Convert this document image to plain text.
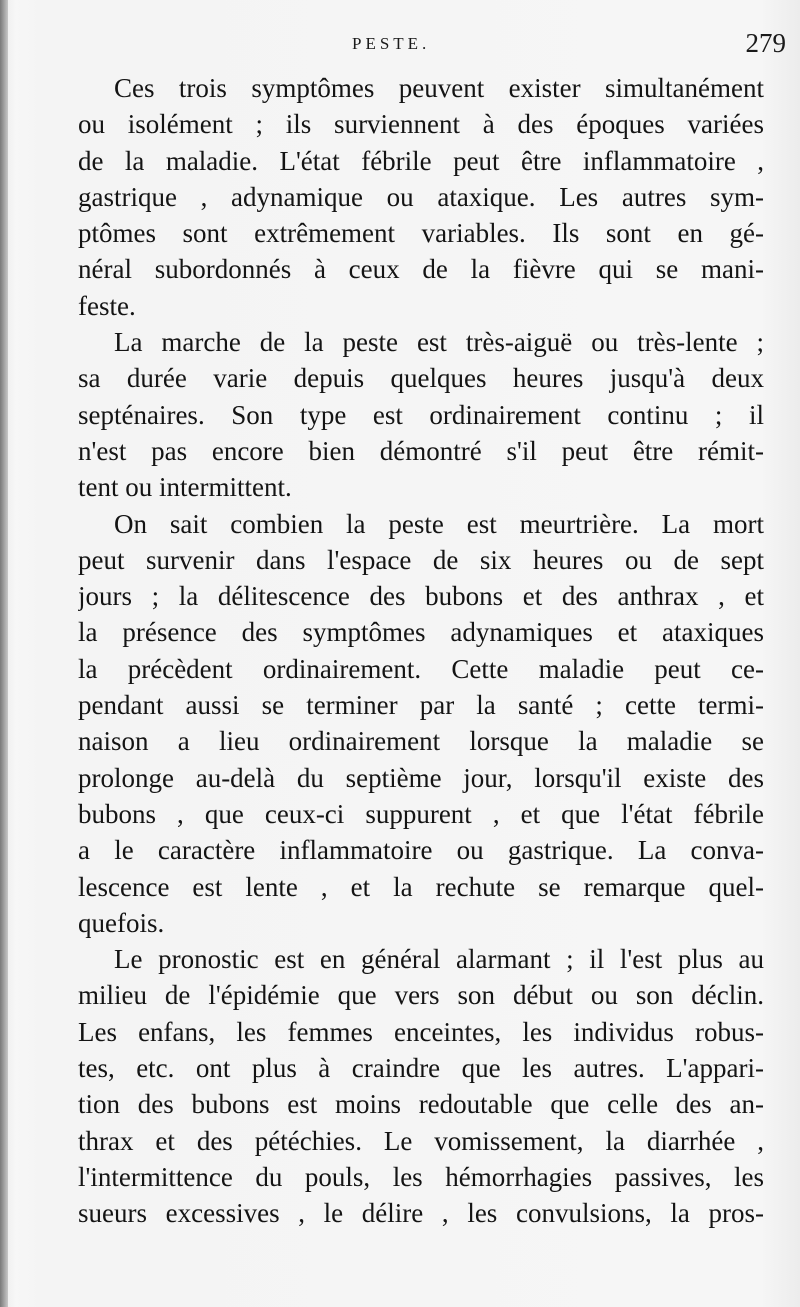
PESTE.	279
Ces trois symptômes peuvent exister simultanément
ou isolément ; ils surviennent à des époques variées
de la maladie. L'état fébrile peut être inflammatoire ,
gastrique , adynamique ou ataxique. Les autres sym-
ptômes sont extrêmement variables. Ils sont en gé-
néral subordonnés à ceux de la fièvre qui se mani-
feste.
La marche de la peste est très-aiguë ou très-lente ;
sa durée varie depuis quelques heures jusqu'à deux
septénaires. Son type est ordinairement continu ; il
n'est pas encore bien démontré s'il peut être rémit-
tent ou intermittent.
On sait combien la peste est meurtrière. La mort
peut survenir dans l'espace de six heures ou de sept
jours ; la délitescence des bubons et des anthrax , et
la présence des symptômes adynamiques et ataxiques
la précèdent ordinairement. Cette maladie peut ce-
pendant aussi se terminer par la santé ; cette termi-
naison a lieu ordinairement lorsque la maladie se
prolonge au-delà du septième jour, lorsqu'il existe des
bubons , que ceux-ci suppurent , et que l'état fébrile
a le caractère inflammatoire ou gastrique. La conva-
lescence est lente , et la rechute se remarque quel-
quefois.
Le pronostic est en général alarmant ; il l'est plus au
milieu de l'épidémie que vers son début ou son déclin.
Les enfans, les femmes enceintes, les individus robus-
tes, etc. ont plus à craindre que les autres. L'appari-
tion des bubons est moins redoutable que celle des an-
thrax et des pétéchies. Le vomissement, la diarrhée ,
l'intermittence du pouls, les hémorrhagies passives, les
sueurs excessives , le délire , les convulsions, la pros-
